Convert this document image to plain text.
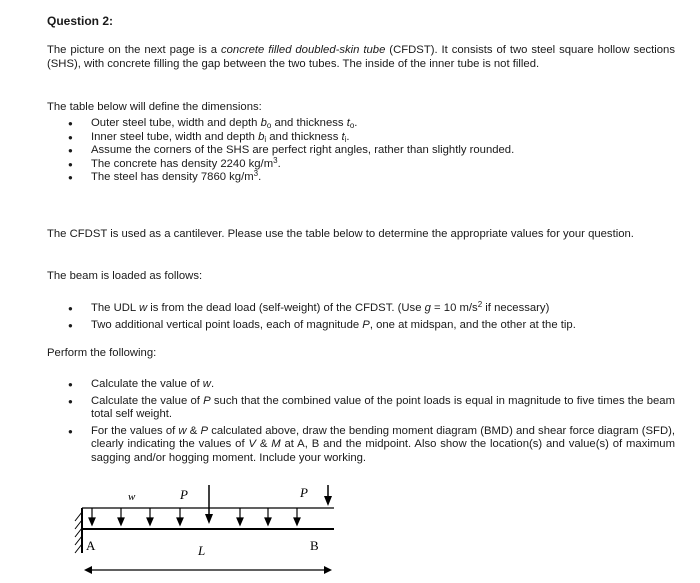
Question 2:
The picture on the next page is a concrete filled doubled-skin tube (CFDST). It consists of two steel square hollow sections (SHS), with concrete filling the gap between the two tubes. The inside of the inner tube is not filled.
The table below will define the dimensions:
● Outer steel tube, width and depth $b_o$ and thickness $t_o$.
● Inner steel tube, width and depth $b_i$ and thickness $t_i$.
● Assume the corners of the SHS are perfect right angles, rather than slightly rounded.
● The concrete has density 2240 $kg/m^3$.
● The steel has density 7860 $kg/m^3$.
The CFDST is used as a cantilever. Please use the table below to determine the appropriate values for your question.
The beam is loaded as follows:
● The UDL w is from the dead load (self-weight) of the CFDST. (Use g = 10 $m/s^2$ if necessary)
● Two additional vertical point loads, each of magnitude P, one at midspan, and the other at the tip.
Perform the following:
● Calculate the value of w.
● Calculate the value of P such that the combined value of the point loads is equal in magnitude to five times the beam total self weight.
● For the values of w & P calculated above, draw the bending moment diagram (BMD) and shear force diagram (SFD), clearly indicating the values of V & M at A, B and the midpoint. Also show the location(s) and value(s) of maximum sagging and/or hogging moment. Include your working.
w	P	P
A	B
L
